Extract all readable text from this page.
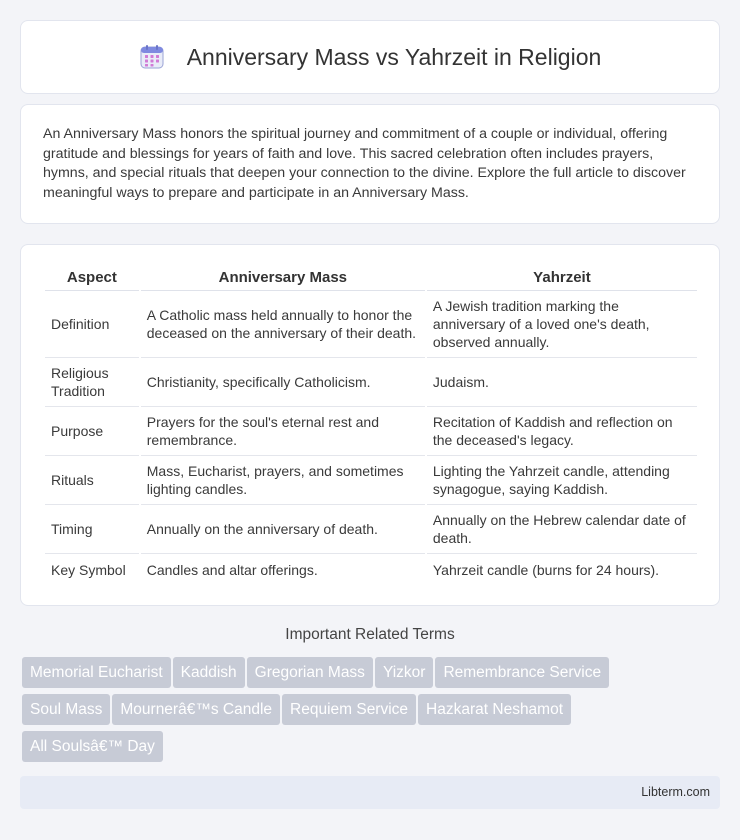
Anniversary Mass vs Yahrzeit in Religion

An Anniversary Mass honors the spiritual journey and commitment of a couple or individual, offering gratitude and blessings for years of faith and love. This sacred celebration often includes prayers, hymns, and special rituals that deepen your connection to the divine. Explore the full article to discover meaningful ways to prepare and participate in an Anniversary Mass.

Aspect	Anniversary Mass	Yahrzeit
Definition	A Catholic mass held annually to honor the deceased on the anniversary of their death.	A Jewish tradition marking the anniversary of a loved one's death, observed annually.
Religious Tradition	Christianity, specifically Catholicism.	Judaism.
Purpose	Prayers for the soul's eternal rest and remembrance.	Recitation of Kaddish and reflection on the deceased's legacy.
Rituals	Mass, Eucharist, prayers, and sometimes lighting candles.	Lighting the Yahrzeit candle, attending synagogue, saying Kaddish.
Timing	Annually on the anniversary of death.	Annually on the Hebrew calendar date of death.
Key Symbol	Candles and altar offerings.	Yahrzeit candle (burns for 24 hours).
Important Related Terms
Memorial Eucharist Kaddish Gregorian Mass Yizkor Remembrance Service
Soul Mass Mournerâ€™s Candle Requiem Service Hazkarat Neshamot
All Soulsâ€™ Day
Libterm.com
